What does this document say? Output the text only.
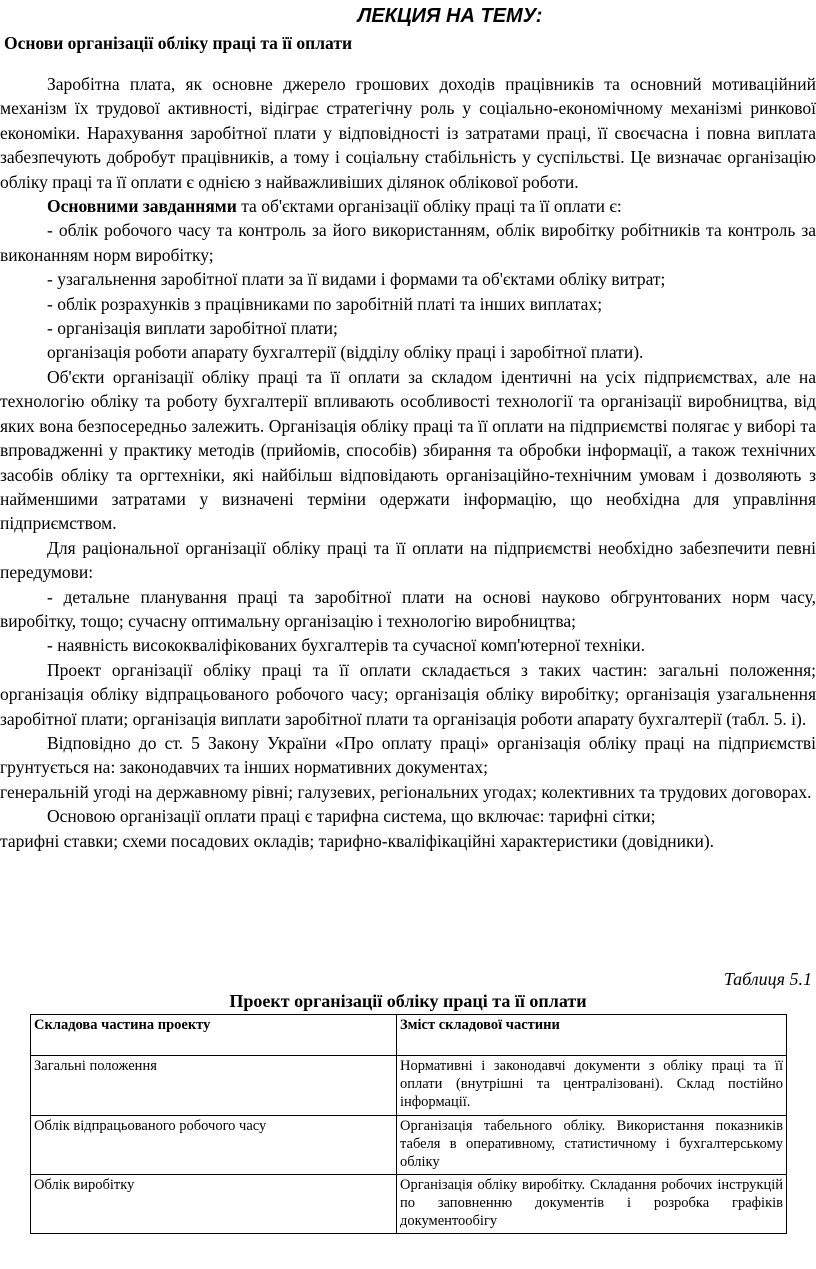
ЛЕКЦИЯ НА ТЕМУ:
Основи організації обліку праці та її оплати

Заробітна плата, як основне джерело грошових доходів працівників та основний мотиваційний механізм їх трудової активності, відіграє стратегічну роль у соціально-економічному механізмі ринкової економіки. Нарахування заробітної плати у відповідності із затратами праці, її своєчасна і повна виплата забезпечують добробут працівників, а тому і соціальну стабільність у суспільстві. Це визначає організацію обліку праці та її оплати є однією з найважливіших ділянок облікової роботи.

Основними завданнями та об'єктами організації обліку праці та її оплати є:

- облік робочого часу та контроль за його використанням, облік виробітку робітників та контроль за виконанням норм виробітку;

- узагальнення заробітної плати за її видами і формами та об'єктами обліку витрат;

- облік розрахунків з працівниками по заробітній платі та інших виплатах;

- організація виплати заробітної плати;

організація роботи апарату бухгалтерії (відділу обліку праці і заробітної плати).

Об'єкти організації обліку праці та її оплати за складом ідентичні на усіх підприємствах, але на технологію обліку та роботу бухгалтерії впливають особливості технології та організації виробництва, від яких вона безпосередньо залежить. Організація обліку праці та її оплати на підприємстві полягає у виборі та впровадженні у практику методів (прийомів, способів) збирання та обробки інформації, а також технічних засобів обліку та оргтехніки, які найбільш відповідають організаційно-технічним умовам і дозволяють з найменшими затратами у визначені терміни одержати інформацію, що необхідна для управління підприємством.

Для раціональної організації обліку праці та її оплати на підприємстві необхідно забезпечити певні передумови:

- детальне планування праці та заробітної плати на основі науково обгрунтованих норм часу, виробітку, тощо; сучасну оптимальну організацію і технологію виробництва;

- наявність висококваліфікованих бухгалтерів та сучасної комп'ютерної техніки.

Проект організації обліку праці та її оплати складається з таких частин: загальні положення; організація обліку відпрацьованого робочого часу; організація обліку виробітку; організація узагальнення заробітної плати; організація виплати заробітної плати та організація роботи апарату бухгалтерії (табл. 5. і).

Відповідно до ст. 5 Закону України «Про оплату праці» організація обліку праці на підприємстві грунтується на: законодавчих та інших нормативних документах;

генеральній угоді на державному рівні; галузевих, регіональних угодах; колективних та трудових договорах.

Основою організації оплати праці є тарифна система, що включає: тарифні сітки;

тарифні ставки; схеми посадових окладів; тарифно-кваліфікаційні характеристики (довідники).

Таблиця 5.1
Проект організації обліку праці та її оплати
Складова частина проекту	Зміст складової частини
Загальні положення	Нормативні і законодавчі документи з обліку праці та її оплати (внутрішні та централізовані). Склад постійно інформації.
Облік відпрацьованого робочого часу	Організація табельного обліку. Використання показників табеля в оперативному, статистичному і бухгалтерському обліку
Облік виробітку	Організація обліку виробітку. Складання робочих інструкцій по заповненню документів і розробка графіків документообігу
